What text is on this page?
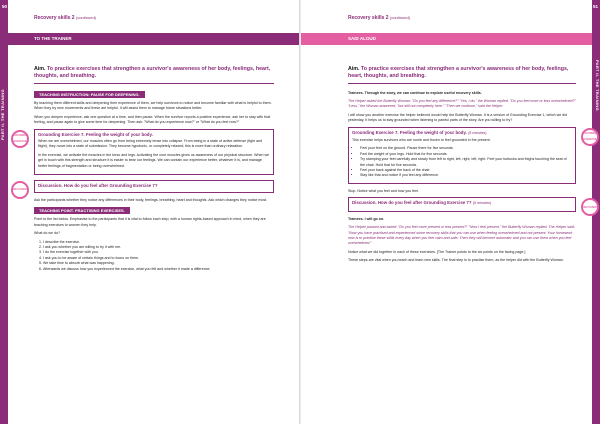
50
PART II. THE TRAINING
Recovery skills 2 (continued)
TO THE TRAINER
Aim. To practice exercises that strengthen a survivor's awareness of her body, feelings, heart, thoughts, and breathing.
TEACHING INSTRUCTION: PAUSE FOR DEEPENING.

By teaching them different skills and deepening their experience of them, we help survivors to notice and become familiar with what is helpful to them. When they try new movements and these are helpful, it will assist them to manage future situations better.

When you deepen experience, ask one question at a time, and then pause. When the survivor reports a positive experience, ask her to stay with that feeling, and pause again to give some time for deepening. Then ask: "What do you experience now?" or "What do you feel now?"

GROUNDING EXERCISE
Grounding Exercise 7. Feeling the weight of your body.

When we are overwhelmed, our muscles often go from being extremely tense into collapse. From being in a state of active defense (fight and flight), they move into a state of submission. They become hypotonic, or completely relaxed; this is more than ordinary relaxation.

In the exercise, we activate the muscles in the torso and legs. Activating the core muscles gives us awareness of our physical structure. When we get in touch with this strength and structure it is easier to bear our feelings. We can contain our experience better, whatever it is, and manage better feelings of fragmentation or being overwhelmed.

DISCUSSION
Discussion. How do you feel after Grounding Exercise 7?

Ask the participants whether they notice any differences in their body, feelings, breathing, heart and thoughts. Ask which changes they notice most.

TEACHING POINT. PRACTISING EXERCISES.

Point to the list below. Emphasise to the participants that it is vital to follow each step, with a human rights-based approach in mind, when they are teaching exercises to women they help.

What do we do?

1. I describe the exercise.
2. I ask you whether you are willing to try it with me.
3. I do the exercise together with you.
4. I ask you to be aware of certain things and to focus on them.
5. We take time to absorb what was happening.
6. Afterwards we discuss how you experienced the exercise, what you felt and whether it made a difference.
51
PART II. THE TRAINING
Recovery skills 2 (continued)
SAID ALOUD
Aim. To practice exercises that strengthen a survivor's awareness of her body, feelings, heart, thoughts, and breathing.

Trainees. Through the story, we can continue to explore useful recovery skills.

The Helper asked the Butterfly Woman: "Do you feel any difference?" "Yes, I do," the Woman replied. "Do you feel more or less overwhelmed?" "Less," the Woman answered, "but still not completely here." "Then we continue," said the Helper.

I will show you another exercise the helper believed would help the Butterfly Woman. It is a version of Grounding Exercise 1, which we did yesterday. It helps us to stay grounded when listening to painful parts of the story. Are you willing to try?

GROUNDING EXERCISE
Grounding Exercise 7. Feeling the weight of your body. (5 minutes)

This exercise helps survivors who are numb and frozen to feel grounded in the present.

• Feel your feet on the ground. Pause there for five seconds.
• Feel the weight of your legs. Hold that for five seconds.
• Try stamping your feet carefully and slowly from left to right, left, right, left, right. Feel your buttocks and thighs touching the seat of the chair. Hold that for five seconds.
• Feel your back against the back of the chair.
• Stay like that and notice if you feel any difference.

Stop. Notice what you feel and how you feel.

DISCUSSION
Discussion. How do you feel after Grounding Exercise 7? (5 minutes)

Trainees. I will go on.

The Helper paused and asked: "Do you feel more present or less present?" "Now I feel present," the Butterfly Woman replied. The Helper said: "Now you have practised and experienced some recovery skills that you can use when feeling overwhelmed and not present. Your homework now is to practise these skills every day when you feel calm and safe. Then they will become automatic and you can use them when you feel overwhelmed."

Notice what we did together in each of these exercises. [The Trainer points to the six points on the facing page.]

These steps are vital when you teach and learn new skills. The final step is to practise them, as the helper did with the Butterfly Woman.
